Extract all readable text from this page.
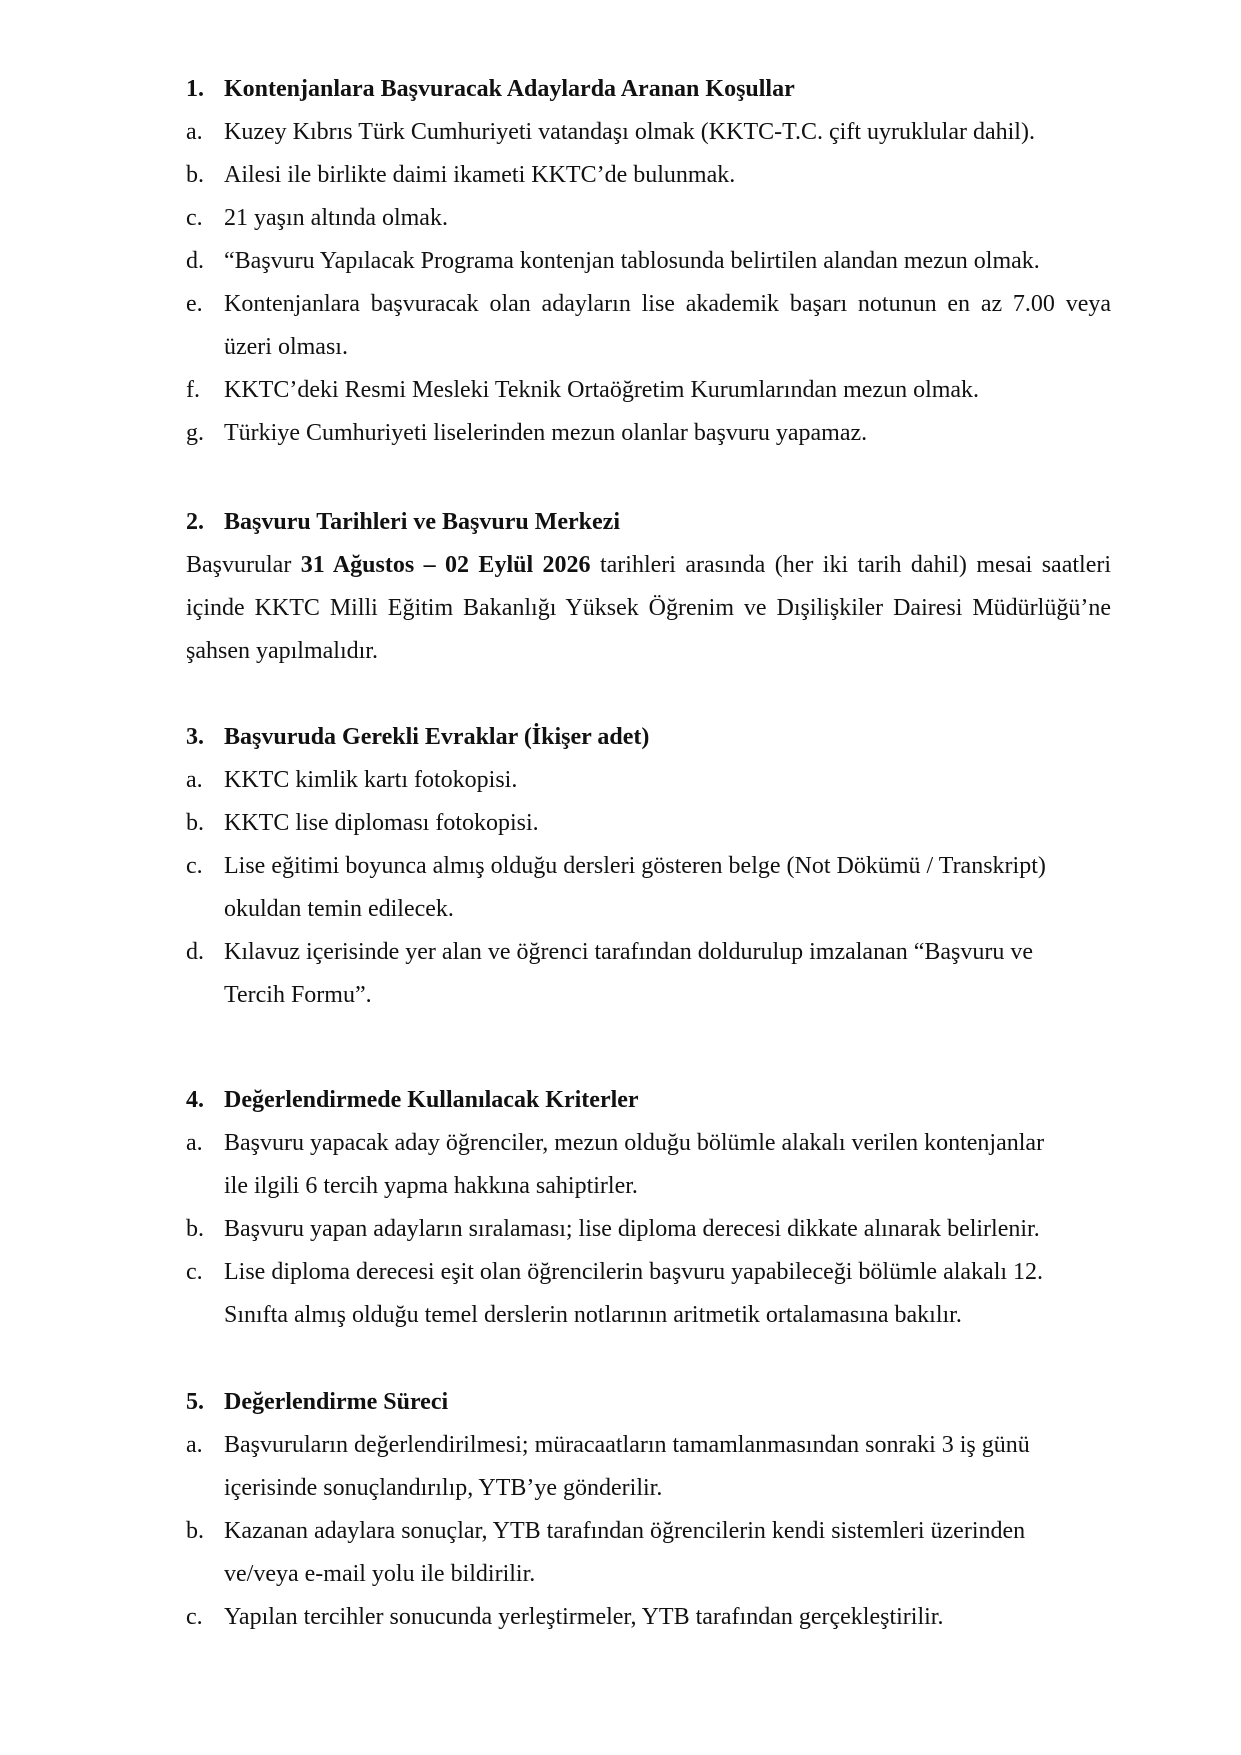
1. Kontenjanlara Başvuracak Adaylarda Aranan Koşullar
a. Kuzey Kıbrıs Türk Cumhuriyeti vatandaşı olmak (KKTC-T.C. çift uyruklular dahil).
b. Ailesi ile birlikte daimi ikameti KKTC’de bulunmak.
c. 21 yaşın altında olmak.
d. “Başvuru Yapılacak Programa kontenjan tablosunda belirtilen alandan mezun olmak.
e. Kontenjanlara başvuracak olan adayların lise akademik başarı notunun en az 7.00 veya
üzeri olması.
f.	KKTC’deki Resmi Mesleki Teknik Ortaöğretim Kurumlarından mezun olmak.
g. Türkiye Cumhuriyeti liselerinden mezun olanlar başvuru yapamaz.
2. Başvuru Tarihleri ve Başvuru Merkezi
Başvurular 31 Ağustos – 02 Eylül 2026 tarihleri arasında (her iki tarih dahil) mesai saatleri
içinde KKTC Milli Eğitim Bakanlığı Yüksek Öğrenim ve Dışilişkiler Dairesi Müdürlüğü’ne
şahsen yapılmalıdır.
3. Başvuruda Gerekli Evraklar (İkişer adet)
a. KKTC kimlik kartı fotokopisi.
b. KKTC lise diploması fotokopisi.
c. Lise eğitimi boyunca almış olduğu dersleri gösteren belge (Not Dökümü / Transkript)
okuldan temin edilecek.
d. Kılavuz içerisinde yer alan ve öğrenci tarafından doldurulup imzalanan “Başvuru ve
Tercih Formu”.
4. Değerlendirmede Kullanılacak Kriterler
a. Başvuru yapacak aday öğrenciler, mezun olduğu bölümle alakalı verilen kontenjanlar
ile ilgili 6 tercih yapma hakkına sahiptirler.
b. Başvuru yapan adayların sıralaması; lise diploma derecesi dikkate alınarak belirlenir.
c. Lise diploma derecesi eşit olan öğrencilerin başvuru yapabileceği bölümle alakalı 12.
Sınıfta almış olduğu temel derslerin notlarının aritmetik ortalamasına bakılır.
5. Değerlendirme Süreci
a. Başvuruların değerlendirilmesi; müracaatların tamamlanmasından sonraki 3 iş günü
içerisinde sonuçlandırılıp, YTB’ye gönderilir.
b. Kazanan adaylara sonuçlar, YTB tarafından öğrencilerin kendi sistemleri üzerinden
ve/veya e-mail yolu ile bildirilir.
c. Yapılan tercihler sonucunda yerleştirmeler, YTB tarafından gerçekleştirilir.
